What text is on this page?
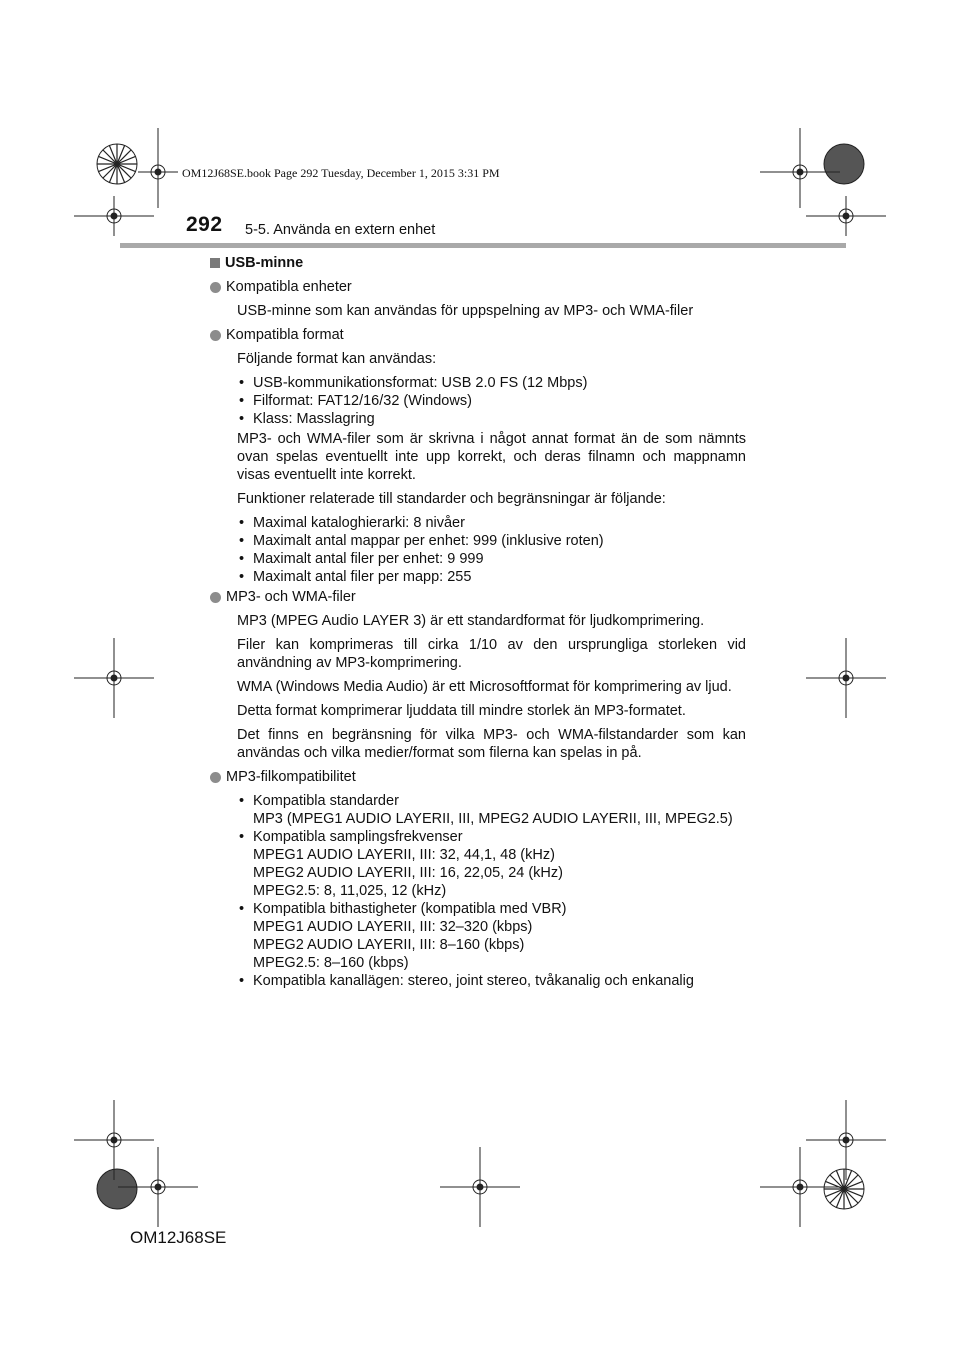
OM12J68SE.book Page 292 Tuesday, December 1, 2015 3:31 PM
292 5-5. Använda en extern enhet
USB-minne
Kompatibla enheter
USB-minne som kan användas för uppspelning av MP3- och WMA-filer
Kompatibla format
Följande format kan användas:
• USB-kommunikationsformat: USB 2.0 FS (12 Mbps)
• Filformat: FAT12/16/32 (Windows)
• Klass: Masslagring
MP3- och WMA-filer som är skrivna i något annat format än de som nämnts ovan spelas eventuellt inte upp korrekt, och deras filnamn och mappnamn visas eventuellt inte korrekt.
Funktioner relaterade till standarder och begränsningar är följande:
• Maximal kataloghierarki: 8 nivåer
• Maximalt antal mappar per enhet: 999 (inklusive roten)
• Maximalt antal filer per enhet: 9 999
• Maximalt antal filer per mapp: 255
MP3- och WMA-filer
MP3 (MPEG Audio LAYER 3) är ett standardformat för ljudkomprimering.
Filer kan komprimeras till cirka 1/10 av den ursprungliga storleken vid användning av MP3-komprimering.
WMA (Windows Media Audio) är ett Microsoftformat för komprimering av ljud.
Detta format komprimerar ljuddata till mindre storlek än MP3-formatet.
Det finns en begränsning för vilka MP3- och WMA-filstandarder som kan användas och vilka medier/format som filerna kan spelas in på.
MP3-filkompatibilitet
• Kompatibla standarder
MP3 (MPEG1 AUDIO LAYERII, III, MPEG2 AUDIO LAYERII, III, MPEG2.5)
• Kompatibla samplingsfrekvenser
MPEG1 AUDIO LAYERII, III: 32, 44,1, 48 (kHz)
MPEG2 AUDIO LAYERII, III: 16, 22,05, 24 (kHz)
MPEG2.5: 8, 11,025, 12 (kHz)
• Kompatibla bithastigheter (kompatibla med VBR)
MPEG1 AUDIO LAYERII, III: 32–320 (kbps)
MPEG2 AUDIO LAYERII, III: 8–160 (kbps)
MPEG2.5: 8–160 (kbps)
• Kompatibla kanallägen: stereo, joint stereo, tvåkanalig och enkanalig
OM12J68SE
